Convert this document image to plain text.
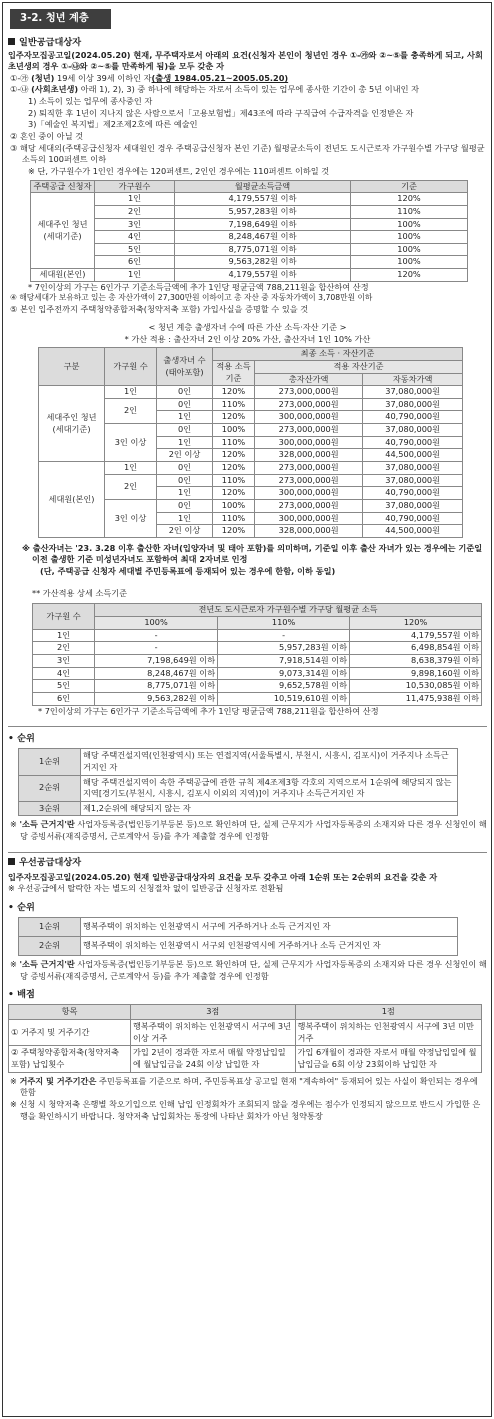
3-2. 청년 계층
일반공급대상자

입주자모집공고일(2024.05.20) 현재, 무주택자로서 아래의 요건(신청자 본인이 청년인 경우 ①-㉮와 ②~⑤를 충족하게 되고, 사회초년생의 경우 ①-㉯와 ②~⑤를 만족하게 됨)을 모두 갖춘 자

①-㉮ (청년) 19세 이상 39세 이하인 자(출생 1984.05.21~2005.05.20)

①-㉯ (사회초년생) 아래 1), 2), 3) 중 하나에 해당하는 자로서 소득이 있는 업무에 종사한 기간이 총 5년 이내인 자

1) 소득이 있는 업무에 종사중인 자

2) 퇴직한 후 1년이 지나지 않은 사람으로서「고용보험법」제43조에 따라 구직급여 수급자격을 인정받은 자

3)「예술인 복지법」제2조제2호에 따른 예술인

② 혼인 중이 아닐 것

③ 해당 세대의(주택공급신청자 세대원인 경우 주택공급신청자 본인 기준) 월평균소득이 전년도 도시근로자 가구원수별 가구당 월평균소득의 100퍼센트 이하

※ 단, 가구원수가 1인인 경우에는 120퍼센트, 2인인 경우에는 110퍼센트 이하일 것

주택공급 신청자	가구원수	월평균소득금액	기준
세대주인 청년 (세대기준)	1인	4,179,557원 이하	120%
	2인	5,957,283원 이하	110%
	3인	7,198,649원 이하	100%
	4인	8,248,467원 이하	100%
	5인	8,775,071원 이하	100%
	6인	9,563,282원 이하	100%
세대원(본인)	1인	4,179,557원 이하	120%

* 7인이상의 가구는 6인가구 기준소득금액에 추가 1인당 평균금액 788,211원을 합산하여 산정

④ 해당세대가 보유하고 있는 총 자산가액이 27,300만원 이하이고 총 자산 중 자동차가액이 3,708만원 이하

⑤ 본인 입주전까지 주택청약종합저축(청약저축 포함) 가입사실을 증명할 수 있을 것

< 청년 계층 출생자녀 수에 따른 가산 소득·자산 기준 >

* 가산 적용 : 출산자녀 2인 이상 20% 가산, 출산자녀 1인 10% 가산

구분	가구원 수	출생자녀 수 (태아포함)	최종 소득 · 자산기준		
			적용 소득기준	적용 자산기준	
				총자산가액	자동차가액
세대주인 청년 (세대기준)	1인	0인	120%	273,000,000원	37,080,000원
	2인	0인	110%	273,000,000원	37,080,000원
		1인	120%	300,000,000원	40,790,000원
	3인 이상	0인	100%	273,000,000원	37,080,000원
		1인	110%	300,000,000원	40,790,000원
		2인 이상	120%	328,000,000원	44,500,000원
세대원(본인)	1인	0인	120%	273,000,000원	37,080,000원
	2인	0인	110%	273,000,000원	37,080,000원
		1인	120%	300,000,000원	40,790,000원
	3인 이상	0인	100%	273,000,000원	37,080,000원
		1인	110%	300,000,000원	40,790,000원
		2인 이상	120%	328,000,000원	44,500,000원

※ 출산자녀는 '23. 3.28 이후 출산한 자녀(입양자녀 및 태아 포함)를 의미하며, 기준일 이후 출산 자녀가 있는 경우에는 기준일 이전 출생한 기준 미성년자녀도 포함하여 최대 2자녀로 인정

(단, 주택공급 신청자 세대별 주민등록표에 등재되어 있는 경우에 한함, 이하 동일)

** 가산적용 상세 소득기준

가구원 수	전년도 도시근로자 가구원수별 가구당 월평균 소득		
	100%	110%	120%
1인	-	-	4,179,557원 이하
2인	-	5,957,283원 이하	6,498,854원 이하
3인	7,198,649원 이하	7,918,514원 이하	8,638,379원 이하
4인	8,248,467원 이하	9,073,314원 이하	9,898,160원 이하
5인	8,775,071원 이하	9,652,578원 이하	10,530,085원 이하
6인	9,563,282원 이하	10,519,610원 이하	11,475,938원 이하

* 7인이상의 가구는 6인가구 기준소득금액에 추가 1인당 평균금액 788,211원을 합산하여 산정

• 순위
1순위	해당 주택건설지역(인천광역시) 또는 연접지역(서울특별시, 부천시, 시흥시, 김포시)이 거주지나 소득근거지인 자
2순위	해당 주택건설지역이 속한 주택공급에 관한 규칙 제4조제3항 각호의 지역으로서 1순위에 해당되지 않는 지역[경기도(부천시, 시흥시, 김포시 이외의 지역)]이 거주지나 소득근거지인 자
3순위	제1,2순위에 해당되지 않는 자

※ '소득 근거지'란 사업자등록증(법인등기부등본 등)으로 확인하며 단, 실제 근무지가 사업자등록증의 소재지와 다른 경우 신청인이 해당 증빙서류(재직증명서, 근로계약서 등)를 추가 제출할 경우에 인정함

우선공급대상자

입주자모집공고일(2024.05.20) 현재 일반공급대상자의 요건을 모두 갖추고 아래 1순위 또는 2순위의 요건을 갖춘 자

※ 우선공급에서 탈락한 자는 별도의 신청절차 없이 일반공급 신청자로 전환됨

• 순위
1순위	행복주택이 위치하는 인천광역시 서구에 거주하거나 소득 근거지인 자
2순위	행복주택이 위치하는 인천광역시 서구외 인천광역시에 거주하거나 소득 근거지인 자

※ '소득 근거지'란 사업자등록증(법인등기부등본 등)으로 확인하며 단, 실제 근무지가 사업자등록증의 소재지와 다른 경우 신청인이 해당 증빙서류(재직증명서, 근로계약서 등)를 추가 제출할 경우에 인정함

• 배점
항목	3점	1점
① 거주지 및 거주기간	행복주택이 위치하는 인천광역시 서구에 3년 이상 거주	행복주택이 위치하는 인천광역시 서구에 3년 미만 거주
② 주택청약종합저축(청약저축 포함) 납입횟수	가입 2년이 경과한 자로서 매월 약정납입일에 월납입금을 24회 이상 납입한 자	가입 6개월이 경과한 자로서 매월 약정납입일에 월납입금을 6회 이상 23회이하 납입한 자

※ 거주지 및 거주기간은 주민등록표를 기준으로 하며, 주민등록표상 공고일 현재 "계속하여" 등재되어 있는 사실이 확인되는 경우에 한함

※ 신청 시 청약저축 은행별 착오기입으로 인해 납입 인정회차가 조회되지 않을 경우에는 점수가 인정되지 않으므로 반드시 가입한 은행을 확인하시기 바랍니다. 청약저축 납입회차는 통장에 나타난 회차가 아닌 청약통장
